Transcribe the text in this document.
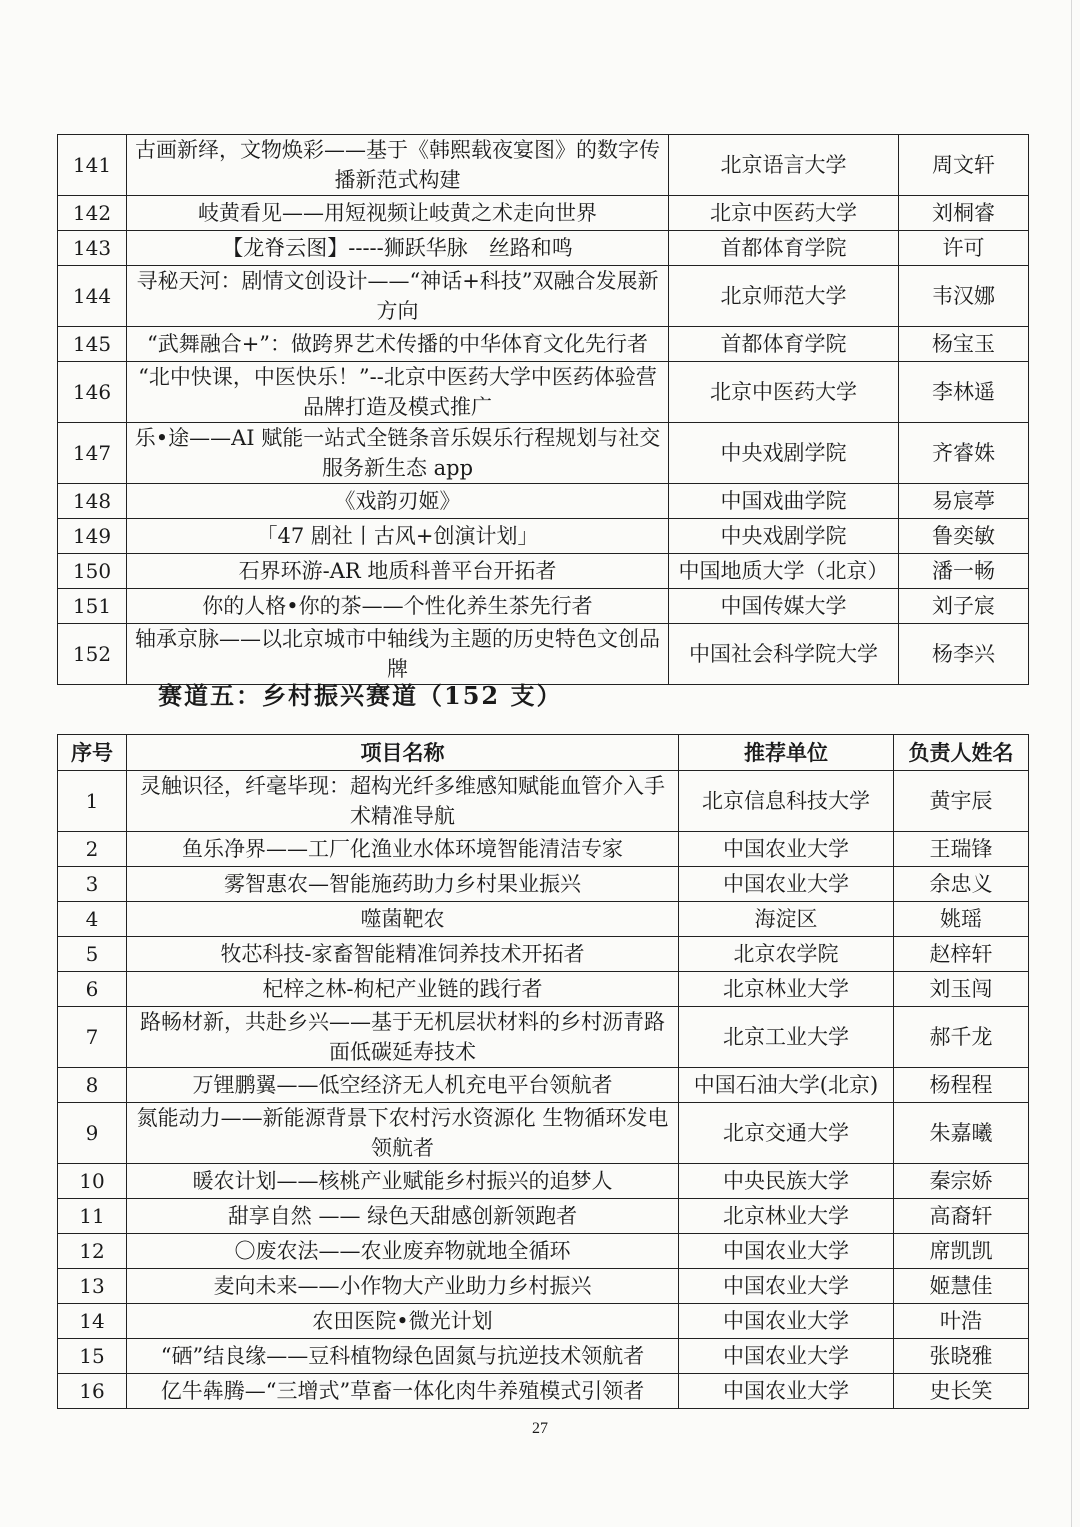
141	古画新绎，文物焕彩——基于《韩熙载夜宴图》的数字传播新范式构建	北京语言大学	周文轩
142	岐黄看见——用短视频让岐黄之术走向世界	北京中医药大学	刘桐睿
143	【龙脊云图】-----狮跃华脉　丝路和鸣	首都体育学院	许可
144	寻秘天河：剧情文创设计——“神话+科技”双融合发展新方向	北京师范大学	韦汉娜
145	“武舞融合+”：做跨界艺术传播的中华体育文化先行者	首都体育学院	杨宝玉
146	“北中快课，中医快乐！”--北京中医药大学中医药体验营品牌打造及模式推广	北京中医药大学	李林遥
147	乐•途——AI 赋能一站式全链条音乐娱乐行程规划与社交服务新生态 app	中央戏剧学院	齐睿姝
148	《戏韵刃姬》	中国戏曲学院	易宸葶
149	「47 剧社丨古风+创演计划」	中央戏剧学院	鲁奕敏
150	石界环游-AR 地质科普平台开拓者	中国地质大学（北京）	潘一畅
151	你的人格•你的茶——个性化养生茶先行者	中国传媒大学	刘子宸
152	轴承京脉——以北京城市中轴线为主题的历史特色文创品牌	中国社会科学院大学	杨李兴
赛道五：乡村振兴赛道（152 支）
序号	项目名称	推荐单位	负责人姓名
1	灵触识径，纤毫毕现：超构光纤多维感知赋能血管介入手术精准导航	北京信息科技大学	黄宇辰
2	鱼乐净界——工厂化渔业水体环境智能清洁专家	中国农业大学	王瑞锋
3	雾智惠农—智能施药助力乡村果业振兴	中国农业大学	余忠义
4	噬菌靶农	海淀区	姚瑶
5	牧芯科技-家畜智能精准饲养技术开拓者	北京农学院	赵梓轩
6	杞梓之林-枸杞产业链的践行者	北京林业大学	刘玉闯
7	路畅材新，共赴乡兴——基于无机层状材料的乡村沥青路面低碳延寿技术	北京工业大学	郝千龙
8	万锂鹏翼——低空经济无人机充电平台领航者	中国石油大学(北京)	杨程程
9	氮能动力——新能源背景下农村污水资源化 生物循环发电领航者	北京交通大学	朱嘉曦
10	暖农计划——核桃产业赋能乡村振兴的追梦人	中央民族大学	秦宗娇
11	甜享自然 —— 绿色天甜感创新领跑者	北京林业大学	高裔轩
12	〇废农法——农业废弃物就地全循环	中国农业大学	席凯凯
13	麦向未来——小作物大产业助力乡村振兴	中国农业大学	姬慧佳
14	农田医院•微光计划	中国农业大学	叶浩
15	“硒”结良缘——豆科植物绿色固氮与抗逆技术领航者	中国农业大学	张晓雅
16	亿牛犇腾—“三增式”草畜一体化肉牛养殖模式引领者	中国农业大学	史长笑
27
